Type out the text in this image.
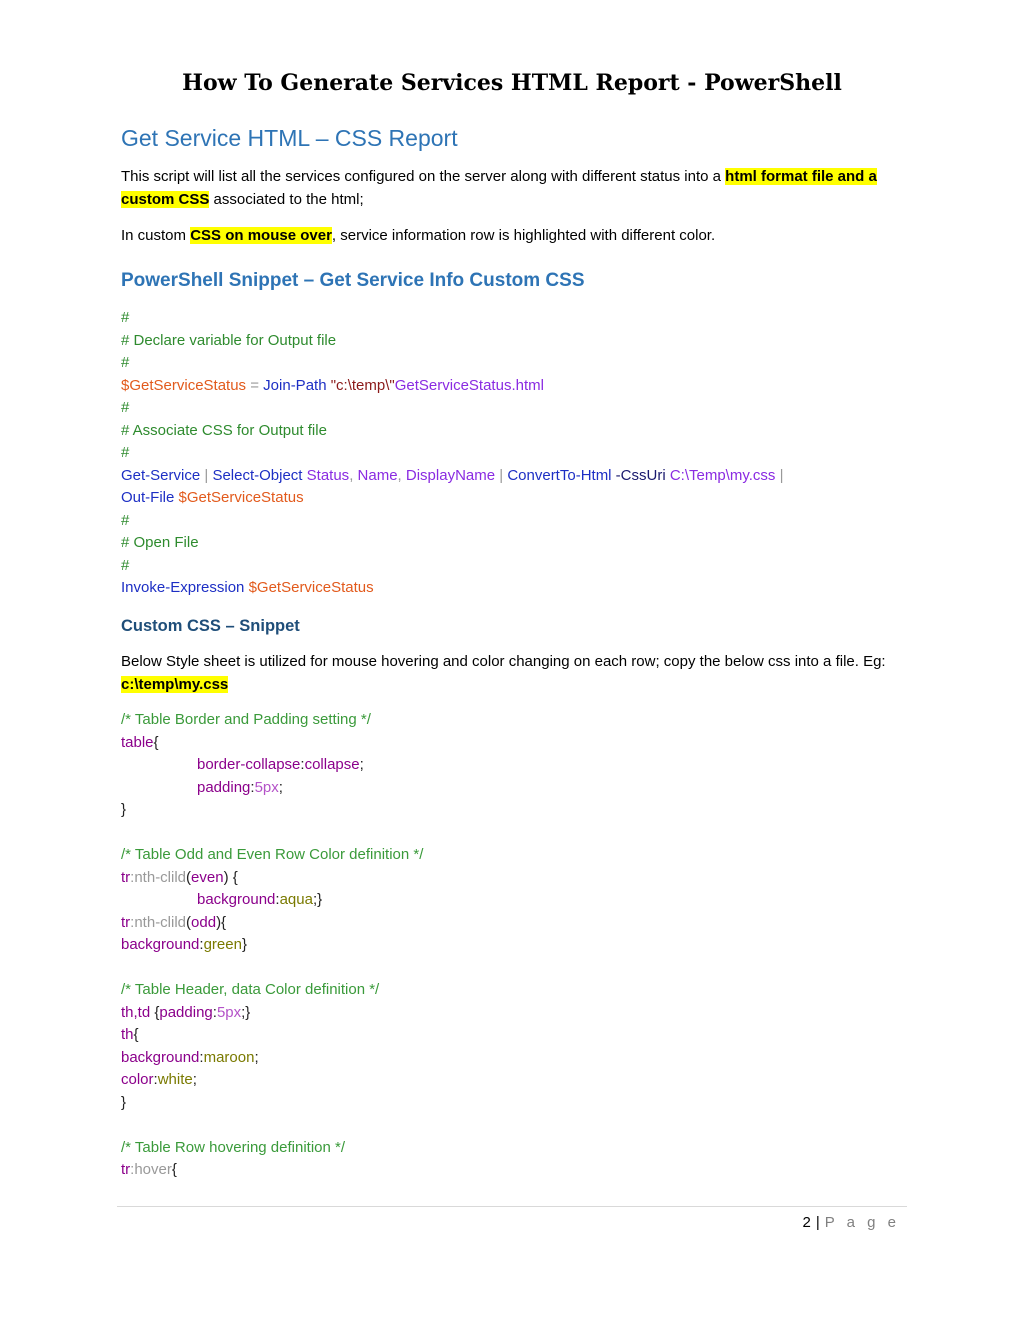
How To Generate Services HTML Report - PowerShell
Get Service HTML – CSS Report
This script will list all the services configured on the server along with different status into a html format file and a custom CSS associated to the html;
In custom CSS on mouse over, service information row is highlighted with different color.
PowerShell Snippet – Get Service Info Custom CSS
#
# Declare variable for Output file
#
$GetServiceStatus = Join-Path "c:\temp\"GetServiceStatus.html
#
# Associate CSS for Output file
#
Get-Service | Select-Object Status, Name, DisplayName | ConvertTo-Html -CssUri C:\Temp\my.css |
Out-File $GetServiceStatus
#
# Open File
#
Invoke-Expression $GetServiceStatus
Custom CSS – Snippet
Below Style sheet is utilized for mouse hovering and color changing on each row; copy the below css into a file. Eg: c:\temp\my.css
/* Table Border and Padding setting */
table{
border-collapse:collapse;
padding:5px;
}
/* Table Odd and Even Row Color definition */
tr:nth-clild(even) {
background:aqua;}
tr:nth-clild(odd){
background:green}
/* Table Header, data Color definition */
th,td {padding:5px;}
th{
background:maroon;
color:white;
}
/* Table Row hovering definition */
tr:hover{
2 | P a g e
